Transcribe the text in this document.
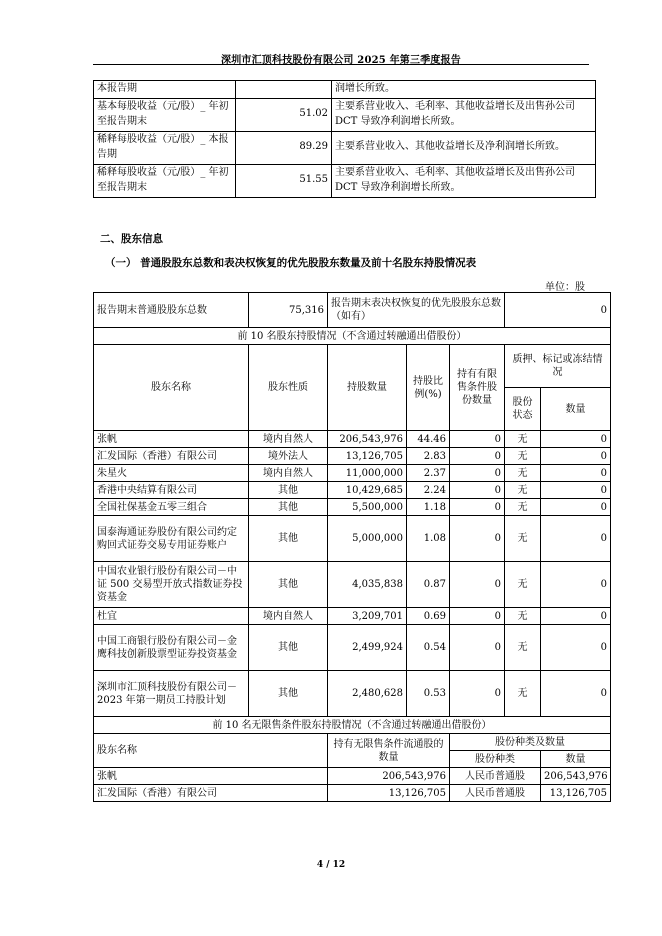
深圳市汇顶科技股份有限公司 2025 年第三季度报告
本报告期		润增长所致。
基本每股收益（元/股）_ 年初至报告期末	51.02	主要系营业收入、毛利率、其他收益增长及出售孙公司 DCT 导致净利润增长所致。
稀释每股收益（元/股）_ 本报告期	89.29	主要系营业收入、其他收益增长及净利润增长所致。
稀释每股收益（元/股）_ 年初至报告期末	51.55	主要系营业收入、毛利率、其他收益增长及出售孙公司 DCT 导致净利润增长所致。
二、股东信息
（一） 普通股股东总数和表决权恢复的优先股股东数量及前十名股东持股情况表
单位：股
报告期末普通股股东总数	75,316	报告期末表决权恢复的优先股股东总数（如有）			0	
前 10 名股东持股情况（不含通过转融通出借股份）						
股东名称	股东性质	持股数量	持股比例(%)	持有有限售条件股份数量	质押、标记或冻结情况	
					股份状态	数量
张帆	境内自然人	206,543,976	44.46	0	无	0
汇发国际（香港）有限公司	境外法人	13,126,705	2.83	0	无	0
朱星火	境内自然人	11,000,000	2.37	0	无	0
香港中央结算有限公司	其他	10,429,685	2.24	0	无	0
全国社保基金五零三组合	其他	5,500,000	1.18	0	无	0
国泰海通证券股份有限公司约定购回式证券交易专用证券账户	其他	5,000,000	1.08	0	无	0
中国农业银行股份有限公司－中证 500 交易型开放式指数证券投资基金	其他	4,035,838	0.87	0	无	0
杜宜	境内自然人	3,209,701	0.69	0	无	0
中国工商银行股份有限公司－金鹰科技创新股票型证券投资基金	其他	2,499,924	0.54	0	无	0
深圳市汇顶科技股份有限公司－2023 年第一期员工持股计划	其他	2,480,628	0.53	0	无	0
前 10 名无限售条件股东持股情况（不含通过转融通出借股份）						
股东名称		持有无限售条件流通股的数量		股份种类及数量		
				股份种类		数量
张帆		206,543,976		人民币普通股		206,543,976
汇发国际（香港）有限公司		13,126,705		人民币普通股		13,126,705
4 / 12
